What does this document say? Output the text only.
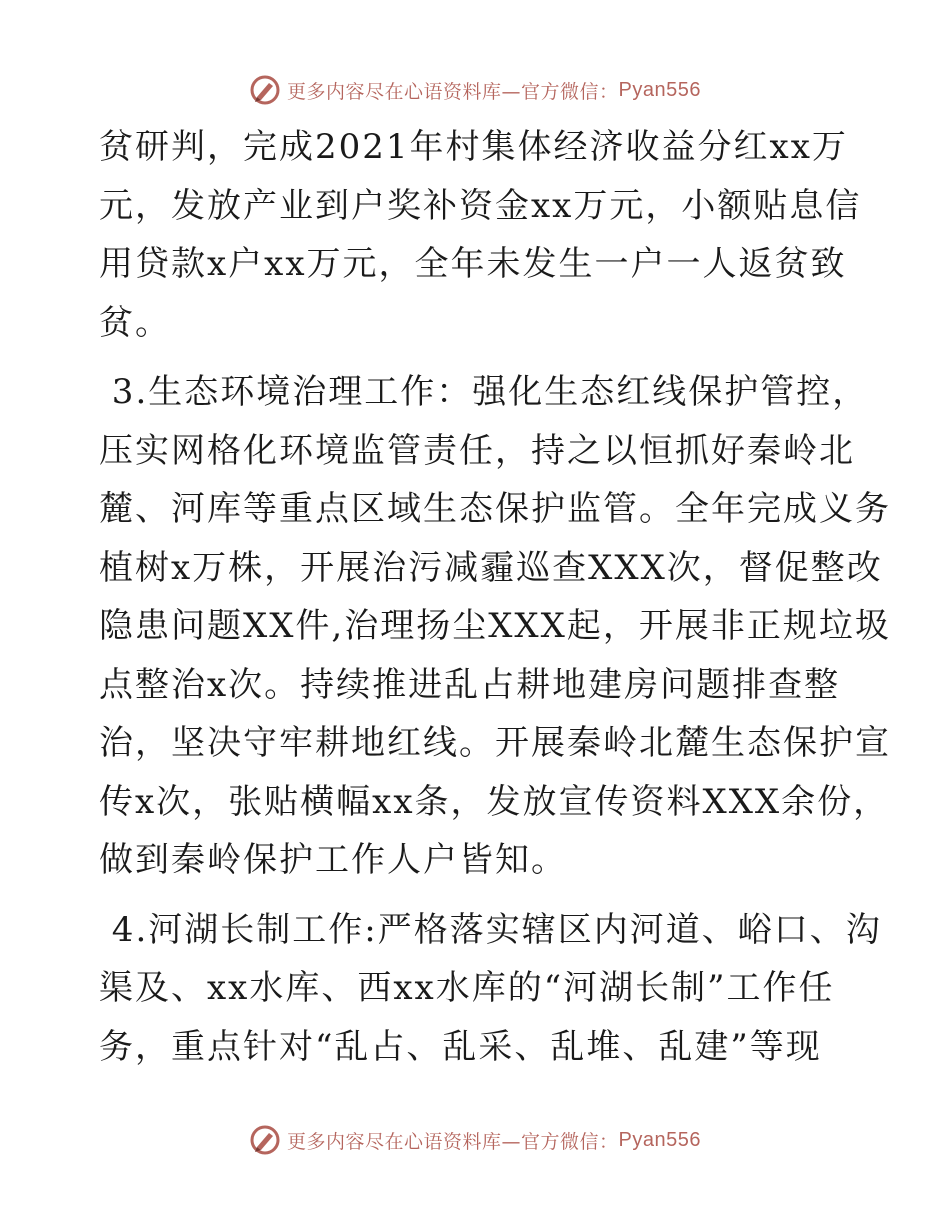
更多内容尽在心语资料库—官方微信： Pyan556
贫研判，完成2021年村集体经济收益分红xx万
元，发放产业到户奖补资金xx万元，小额贴息信
用贷款x户xx万元，全年未发生一户一人返贫致
贫。
3.生态环境治理工作：强化生态红线保护管控，
压实网格化环境监管责任，持之以恒抓好秦岭北
麓、河库等重点区域生态保护监管。全年完成义务
植树x万株，开展治污减霾巡查XXX次，督促整改
隐患问题XX件,治理扬尘XXX起，开展非正规垃圾
点整治x次。持续推进乱占耕地建房问题排查整
治，坚决守牢耕地红线。开展秦岭北麓生态保护宣
传x次，张贴横幅xx条，发放宣传资料XXX余份，
做到秦岭保护工作人户皆知。
4.河湖长制工作:严格落实辖区内河道、峪口、沟
渠及、xx水库、西xx水库的“河湖长制”工作任
务，重点针对“乱占、乱采、乱堆、乱建”等现
更多内容尽在心语资料库—官方微信： Pyan556
